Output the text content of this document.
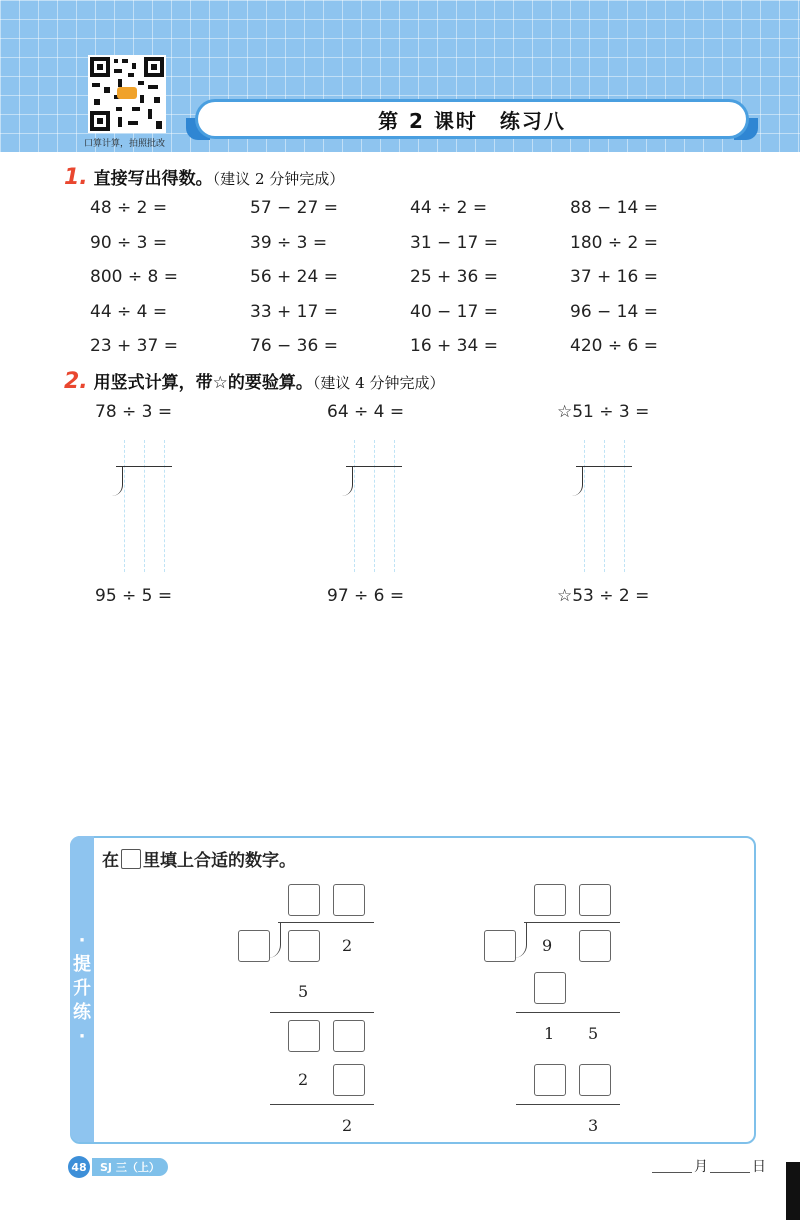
口算计算，拍照批改
第 2 课时　练习八
1. 直接写出得数。（建议 2 分钟完成）
48 ÷ 2 =	57 − 27 =	44 ÷ 2 =	88 − 14 =
90 ÷ 3 =	39 ÷ 3 =	31 − 17 =	180 ÷ 2 =
800 ÷ 8 =	56 + 24 =	25 + 36 =	37 + 16 =
44 ÷ 4 =	33 + 17 =	40 − 17 =	96 − 14 =
23 + 37 =	76 − 36 =	16 + 34 =	420 ÷ 6 =
2. 用竖式计算，带☆的要验算。（建议 4 分钟完成）
78 ÷ 3 =	64 ÷ 4 =	☆51 ÷ 3 =
95 ÷ 5 =	97 ÷ 6 =	☆53 ÷ 2 =
·
提
升
练
·
在 里填上合适的数字。
2
5
2
2
9
1 5
3
48	SJ 三（上）	月	日
